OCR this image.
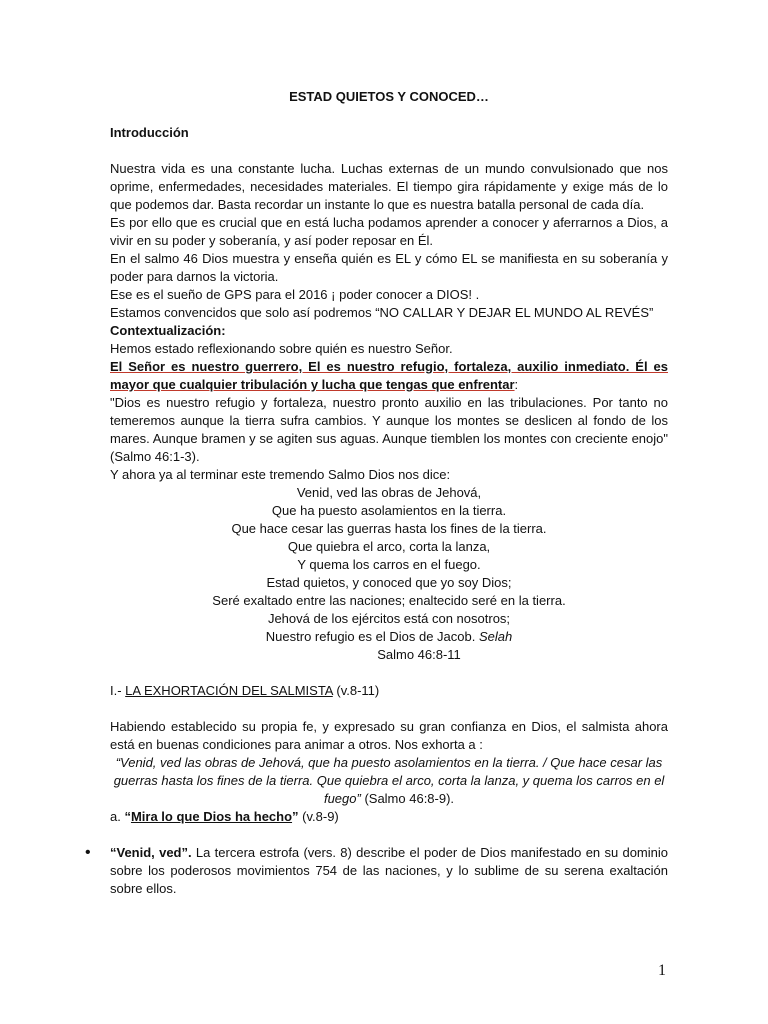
ESTAD QUIETOS Y CONOCED…

Introducción

Nuestra vida es una constante lucha. Luchas externas de un mundo convulsionado que nos oprime, enfermedades, necesidades materiales. El tiempo gira rápidamente y exige más de lo que podemos dar. Basta recordar un instante lo que es nuestra batalla personal de cada día.

Es por ello que es crucial que en está lucha podamos aprender a conocer y aferrarnos a Dios, a vivir en su poder y soberanía, y así poder reposar en Él.

En el salmo 46 Dios muestra y enseña quién es EL y cómo EL se manifiesta en su soberanía y poder para darnos la victoria.

Ese es el sueño de GPS para el 2016 ¡ poder conocer a DIOS! .

Estamos convencidos que solo así podremos “NO CALLAR Y DEJAR EL MUNDO AL REVÉS”

Contextualización:

Hemos estado reflexionando sobre quién es nuestro Señor.

El Señor es nuestro guerrero, El es nuestro refugio, fortaleza, auxilio inmediato. Él es mayor que cualquier tribulación y lucha que tengas que enfrentar:

"Dios es nuestro refugio y fortaleza, nuestro pronto auxilio en las tribulaciones. Por tanto no temeremos aunque la tierra sufra cambios. Y aunque los montes se deslicen al fondo de los mares. Aunque bramen y se agiten sus aguas. Aunque tiemblen los montes con creciente enojo" (Salmo 46:1-3).

Y ahora ya al terminar este tremendo Salmo Dios nos dice:

Venid, ved las obras de Jehová,

Que ha puesto asolamientos en la tierra.

Que hace cesar las guerras hasta los fines de la tierra.

Que quiebra el arco, corta la lanza,

Y quema los carros en el fuego.

Estad quietos, y conoced que yo soy Dios;

Seré exaltado entre las naciones; enaltecido seré en la tierra.

Jehová de los ejércitos está con nosotros;

Nuestro refugio es el Dios de Jacob. Selah

Salmo 46:8-11

I.- LA EXHORTACIÓN DEL SALMISTA (v.8-11)

Habiendo establecido su propia fe, y expresado su gran confianza en Dios, el salmista ahora está en buenas condiciones para animar a otros. Nos exhorta a :

“Venid, ved las obras de Jehová, que ha puesto asolamientos en la tierra. / Que hace cesar las guerras hasta los fines de la tierra. Que quiebra el arco, corta la lanza, y quema los carros en el fuego” (Salmo 46:8-9).

a. “Mira lo que Dios ha hecho” (v.8-9)

• “Venid, ved”. La tercera estrofa (vers. 8) describe el poder de Dios manifestado en su dominio sobre los poderosos movimientos 754 de las naciones, y lo sublime de su serena exaltación sobre ellos.
1
